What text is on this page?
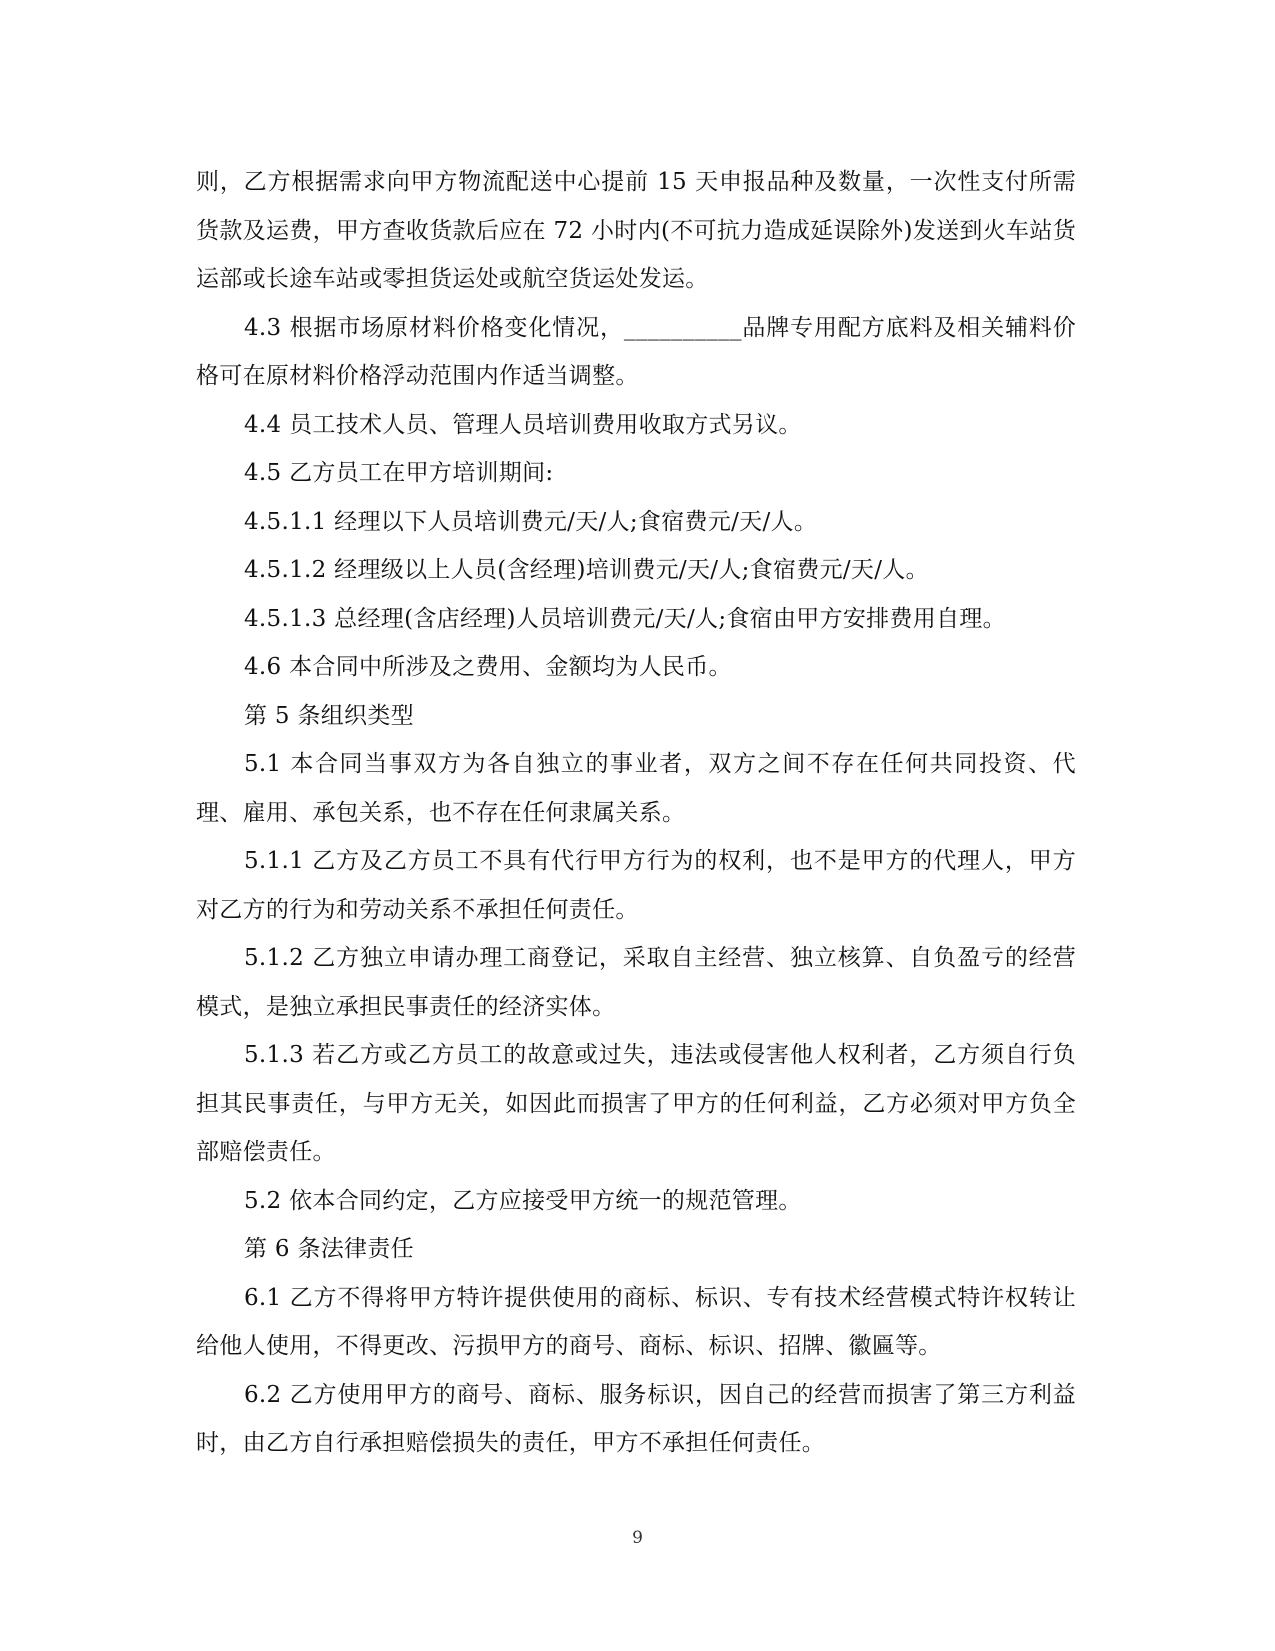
则，乙方根据需求向甲方物流配送中心提前 15 天申报品种及数量，一次性支付所需货款及运费，甲方查收货款后应在 72 小时内(不可抗力造成延误除外)发送到火车站货运部或长途车站或零担货运处或航空货运处发运。

4.3 根据市场原材料价格变化情况，__________品牌专用配方底料及相关辅料价格可在原材料价格浮动范围内作适当调整。

4.4 员工技术人员、管理人员培训费用收取方式另议。

4.5 乙方员工在甲方培训期间:

4.5.1.1 经理以下人员培训费元/天/人;食宿费元/天/人。

4.5.1.2 经理级以上人员(含经理)培训费元/天/人;食宿费元/天/人。

4.5.1.3 总经理(含店经理)人员培训费元/天/人;食宿由甲方安排费用自理。

4.6 本合同中所涉及之费用、金额均为人民币。

第 5 条组织类型

5.1 本合同当事双方为各自独立的事业者，双方之间不存在任何共同投资、代理、雇用、承包关系，也不存在任何隶属关系。

5.1.1 乙方及乙方员工不具有代行甲方行为的权利，也不是甲方的代理人，甲方对乙方的行为和劳动关系不承担任何责任。

5.1.2 乙方独立申请办理工商登记，采取自主经营、独立核算、自负盈亏的经营模式，是独立承担民事责任的经济实体。

5.1.3 若乙方或乙方员工的故意或过失，违法或侵害他人权利者，乙方须自行负担其民事责任，与甲方无关，如因此而损害了甲方的任何利益，乙方必须对甲方负全部赔偿责任。

5.2 依本合同约定，乙方应接受甲方统一的规范管理。

第 6 条法律责任

6.1 乙方不得将甲方特许提供使用的商标、标识、专有技术经营模式特许权转让给他人使用，不得更改、污损甲方的商号、商标、标识、招牌、徽匾等。

6.2 乙方使用甲方的商号、商标、服务标识，因自己的经营而损害了第三方利益时，由乙方自行承担赔偿损失的责任，甲方不承担任何责任。

9
